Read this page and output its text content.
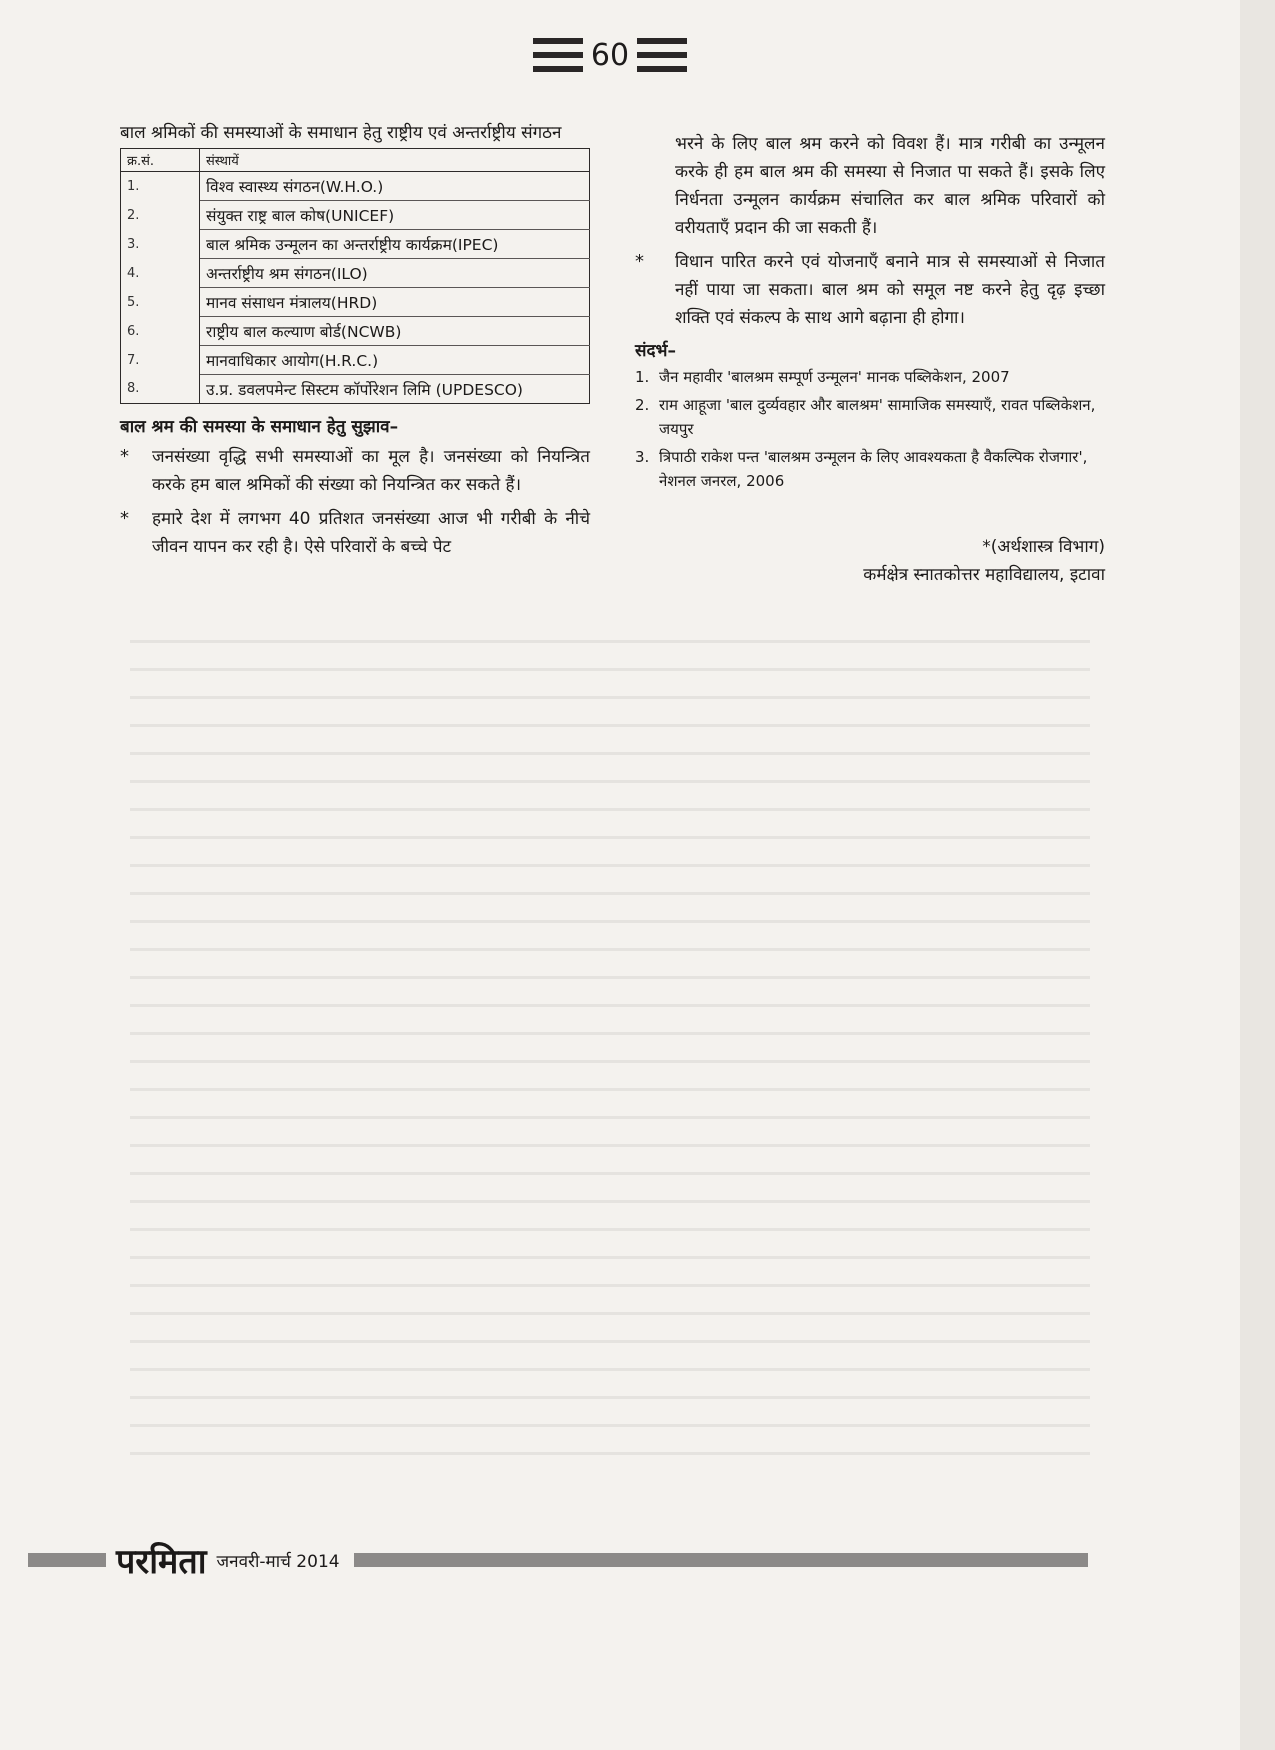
60
बाल श्रमिकों की समस्याओं के समाधान हेतु राष्ट्रीय एवं अन्तर्राष्ट्रीय संगठन
क्र.सं.	संस्थायें
1.	विश्व स्वास्थ्य संगठन(W.H.O.)
2.	संयुक्त राष्ट्र बाल कोष(UNICEF)
3.	बाल श्रमिक उन्मूलन का अन्तर्राष्ट्रीय कार्यक्रम(IPEC)
4.	अन्तर्राष्ट्रीय श्रम संगठन(ILO)
5.	मानव संसाधन मंत्रालय(HRD)
6.	राष्ट्रीय बाल कल्याण बोर्ड(NCWB)
7.	मानवाधिकार आयोग(H.R.C.)
8.	उ.प्र. डवलपमेन्ट सिस्टम कॉर्पोरेशन लिमि (UPDESCO)
बाल श्रम की समस्या के समाधान हेतु सुझाव–
*	जनसंख्या वृद्धि सभी समस्याओं का मूल है। जनसंख्या को नियन्त्रित करके हम बाल श्रमिकों की संख्या को नियन्त्रित कर सकते हैं।
*	हमारे देश में लगभग 40 प्रतिशत जनसंख्या आज भी गरीबी के नीचे जीवन यापन कर रही है। ऐसे परिवारों के बच्चे पेट

भरने के लिए बाल श्रम करने को विवश हैं। मात्र गरीबी का उन्मूलन करके ही हम बाल श्रम की समस्या से निजात पा सकते हैं। इसके लिए निर्धनता उन्मूलन कार्यक्रम संचालित कर बाल श्रमिक परिवारों को वरीयताएँ प्रदान की जा सकती हैं।

*	विधान पारित करने एवं योजनाएँ बनाने मात्र से समस्याओं से निजात नहीं पाया जा सकता। बाल श्रम को समूल नष्ट करने हेतु दृढ़ इच्छा शक्ति एवं संकल्प के साथ आगे बढ़ाना ही होगा।
संदर्भ–
1. जैन महावीर 'बालश्रम सम्पूर्ण उन्मूलन' मानक पब्लिकेशन, 2007
2. राम आहूजा 'बाल दुर्व्यवहार और बालश्रम' सामाजिक समस्याएँ, रावत पब्लिकेशन, जयपुर
3. त्रिपाठी राकेश पन्त 'बालश्रम उन्मूलन के लिए आवश्यकता है वैकल्पिक रोजगार', नेशनल जनरल, 2006
*(अर्थशास्त्र विभाग)
कर्मक्षेत्र स्नातकोत्तर महाविद्यालय, इटावा
परमिता जनवरी-मार्च 2014
